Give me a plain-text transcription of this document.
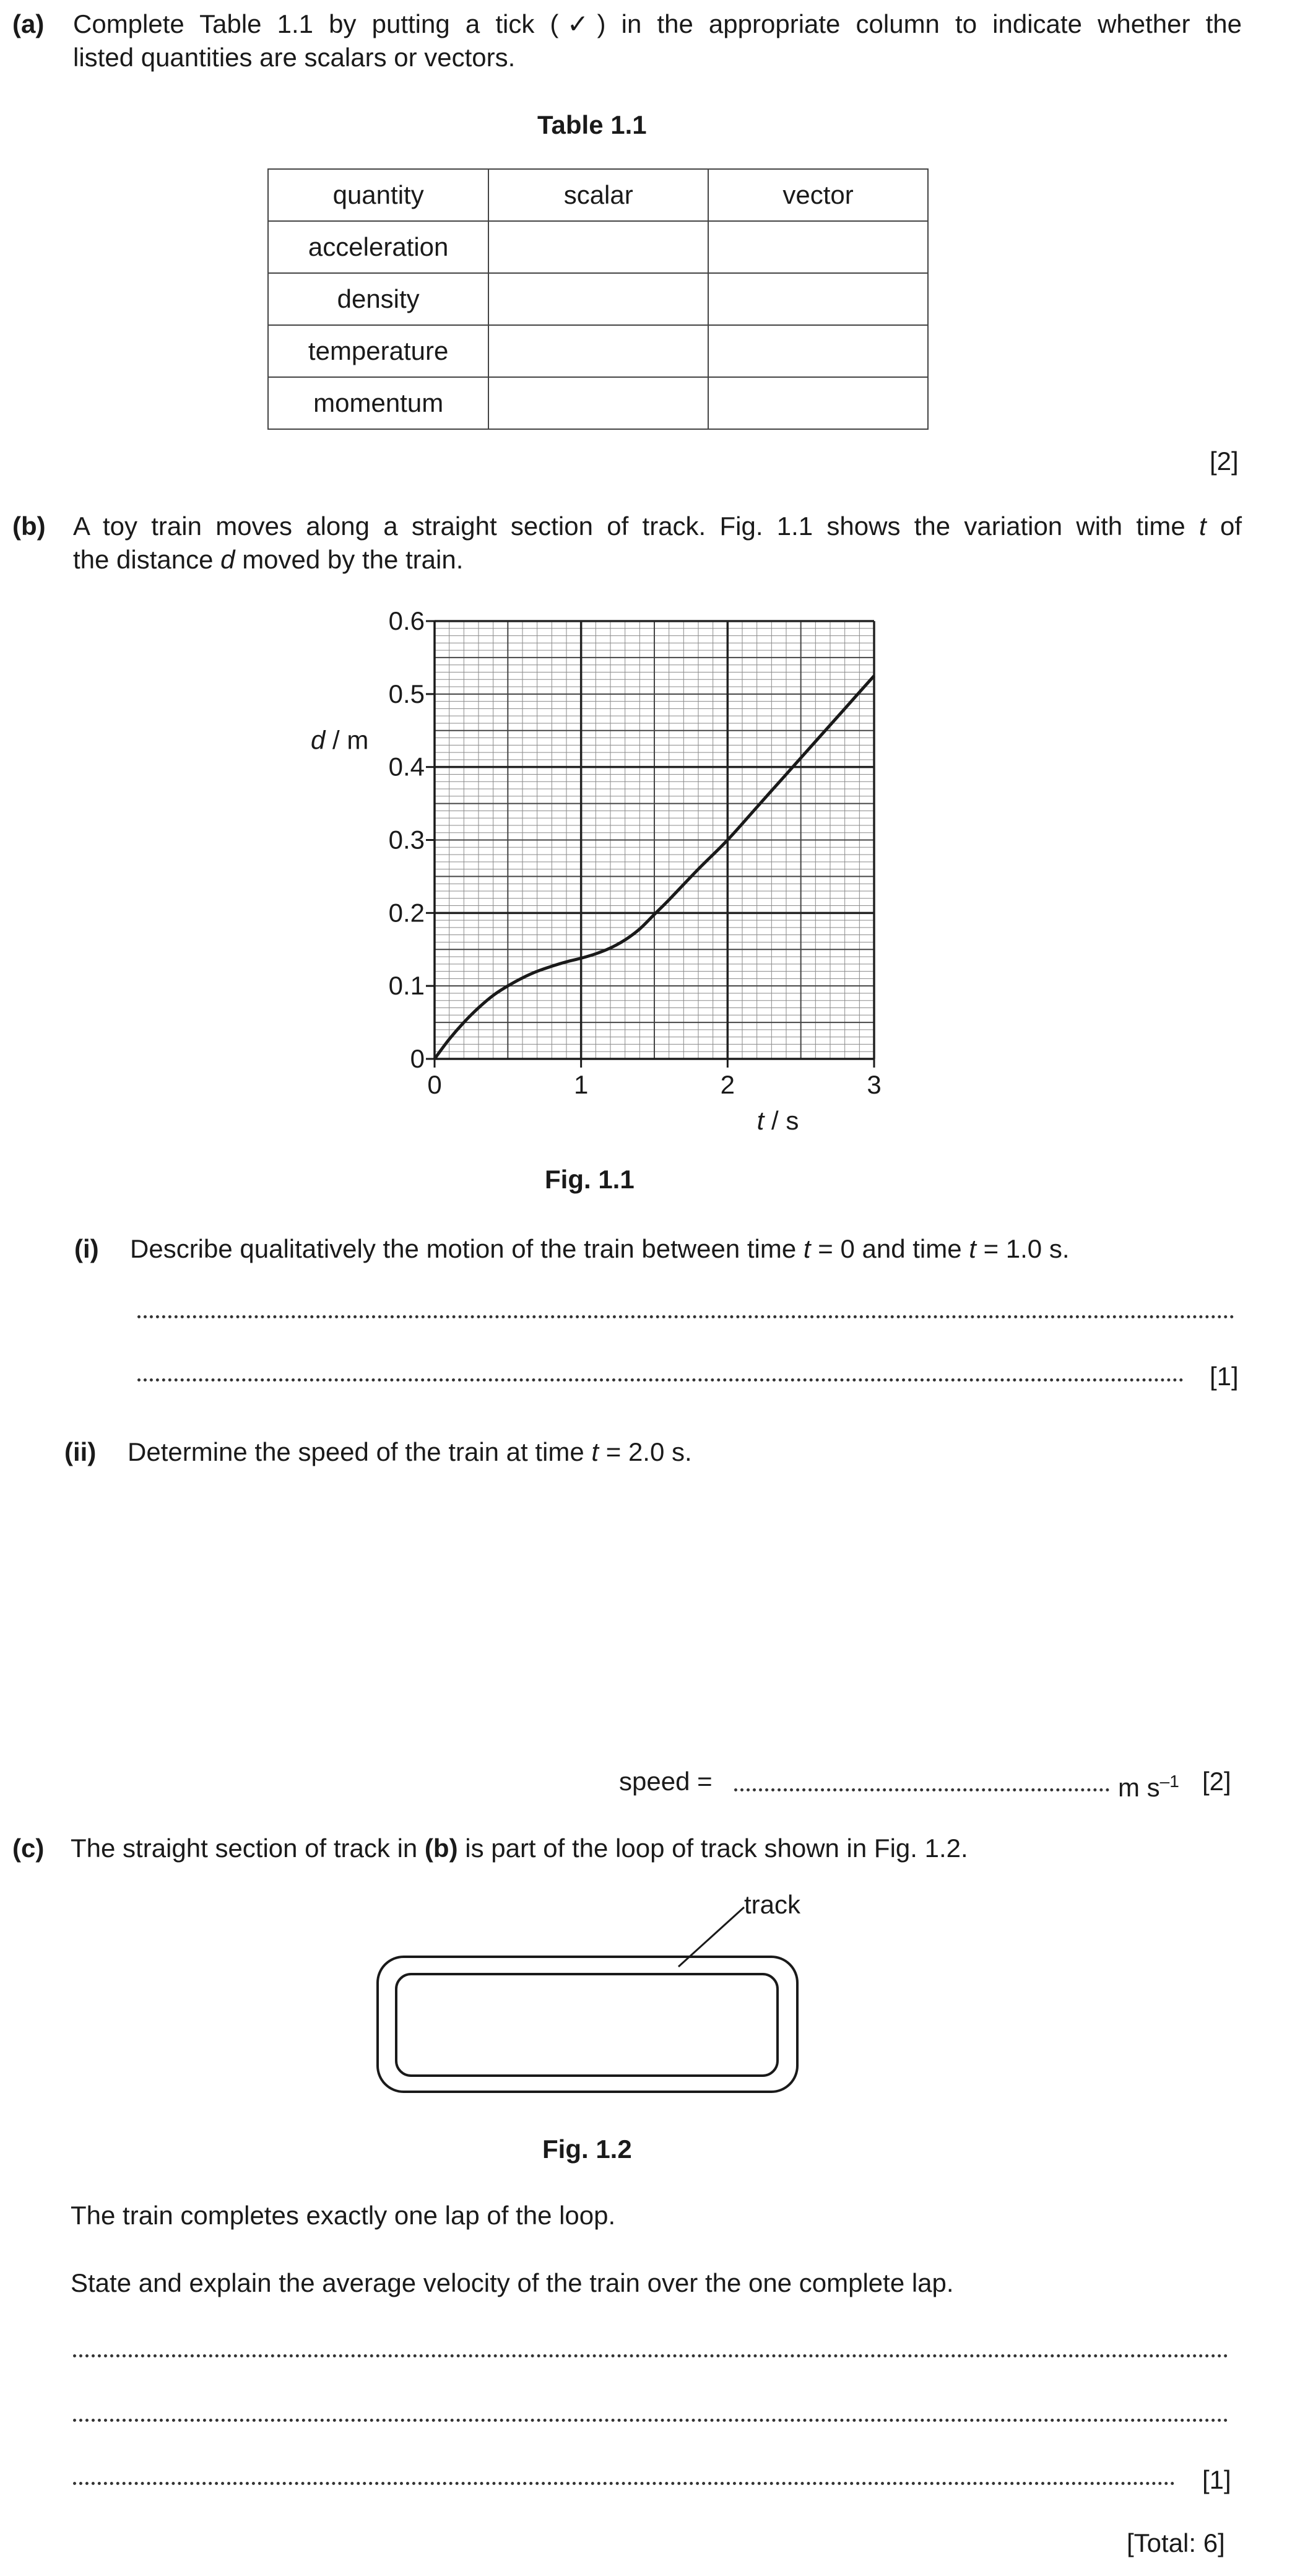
(a) Complete Table 1.1 by putting a tick (✓) in the appropriate column to indicate whether the
listed quantities are scalars or vectors.
Table 1.1
quantity	scalar	vector
acceleration		
density		
temperature		
momentum		
[2]
(b) A toy train moves along a straight section of track. Fig. 1.1 shows the variation with time t of
the distance d moved by the train.
0
0.1
0.2
0.3
0.4
0.5
0.6
0	1	2	3
d / m
t / s
Fig. 1.1
(i) Describe qualitatively the motion of the train between time t = 0 and time t = 1.0 s.
[1]
(ii) Determine the speed of the train at time t = 2.0 s.
speed =	m $s^{-1}$ [2]
(c) The straight section of track in (b) is part of the loop of track shown in Fig. 1.2.
track
Fig. 1.2
The train completes exactly one lap of the loop.
State and explain the average velocity of the train over the one complete lap.
[1]
[Total: 6]
